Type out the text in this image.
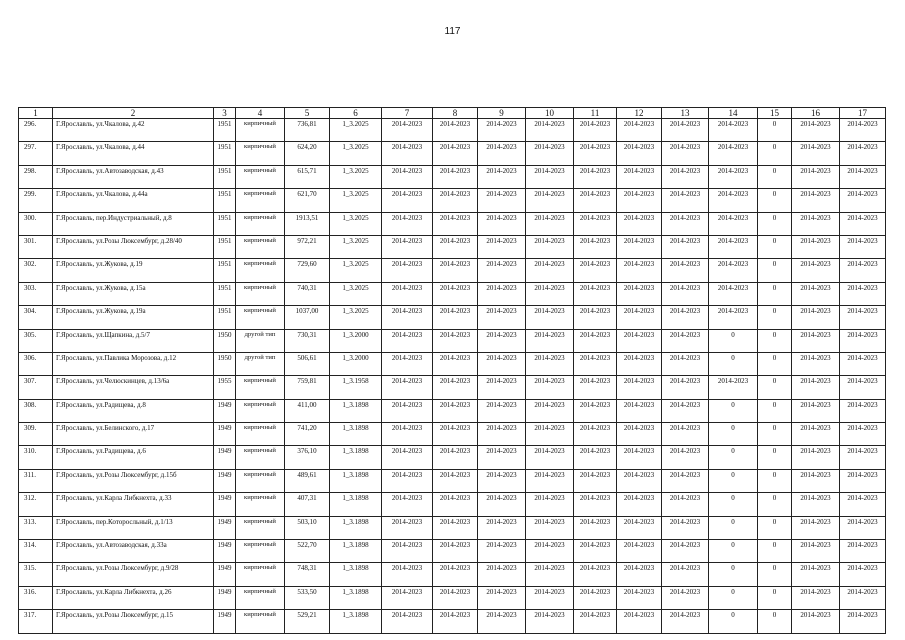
117
1	2	3	4	5	6	7	8	9	10	11	12	13	14	15	16	17
296.	Г.Ярославль, ул.Чкалова, д.42	1951	кирпичный	736,81	1_3.2025	2014-2023	2014-2023	2014-2023	2014-2023	2014-2023	2014-2023	2014-2023	2014-2023	0	2014-2023	2014-2023
297.	Г.Ярославль, ул.Чкалова, д.44	1951	кирпичный	624,20	1_3.2025	2014-2023	2014-2023	2014-2023	2014-2023	2014-2023	2014-2023	2014-2023	2014-2023	0	2014-2023	2014-2023
298.	Г.Ярославль, ул.Автозаводская, д.43	1951	кирпичный	615,71	1_3.2025	2014-2023	2014-2023	2014-2023	2014-2023	2014-2023	2014-2023	2014-2023	2014-2023	0	2014-2023	2014-2023
299.	Г.Ярославль, ул.Чкалова, д.44а	1951	кирпичный	621,70	1_3.2025	2014-2023	2014-2023	2014-2023	2014-2023	2014-2023	2014-2023	2014-2023	2014-2023	0	2014-2023	2014-2023
300.	Г.Ярославль, пер.Индустриальный, д.8	1951	кирпичный	1913,51	1_3.2025	2014-2023	2014-2023	2014-2023	2014-2023	2014-2023	2014-2023	2014-2023	2014-2023	0	2014-2023	2014-2023
301.	Г.Ярославль, ул.Розы Люксембург, д.28/40	1951	кирпичный	972,21	1_3.2025	2014-2023	2014-2023	2014-2023	2014-2023	2014-2023	2014-2023	2014-2023	2014-2023	0	2014-2023	2014-2023
302.	Г.Ярославль, ул.Жукова, д.19	1951	кирпичный	729,60	1_3.2025	2014-2023	2014-2023	2014-2023	2014-2023	2014-2023	2014-2023	2014-2023	2014-2023	0	2014-2023	2014-2023
303.	Г.Ярославль, ул.Жукова, д.15а	1951	кирпичный	740,31	1_3.2025	2014-2023	2014-2023	2014-2023	2014-2023	2014-2023	2014-2023	2014-2023	2014-2023	0	2014-2023	2014-2023
304.	Г.Ярославль, ул.Жукова, д.19а	1951	кирпичный	1037,00	1_3.2025	2014-2023	2014-2023	2014-2023	2014-2023	2014-2023	2014-2023	2014-2023	2014-2023	0	2014-2023	2014-2023
305.	Г.Ярославль, ул.Щапкина, д.5/7	1950	другой тип	730,31	1_3.2000	2014-2023	2014-2023	2014-2023	2014-2023	2014-2023	2014-2023	2014-2023	0	0	2014-2023	2014-2023
306.	Г.Ярославль, ул.Павлика Морозова, д.12	1950	другой тип	506,61	1_3.2000	2014-2023	2014-2023	2014-2023	2014-2023	2014-2023	2014-2023	2014-2023	0	0	2014-2023	2014-2023
307.	Г.Ярославль, ул.Челюскинцев, д.13/6а	1955	кирпичный	759,81	1_3.1958	2014-2023	2014-2023	2014-2023	2014-2023	2014-2023	2014-2023	2014-2023	2014-2023	0	2014-2023	2014-2023
308.	Г.Ярославль, ул.Радищева, д.8	1949	кирпичный	411,00	1_3.1898	2014-2023	2014-2023	2014-2023	2014-2023	2014-2023	2014-2023	2014-2023	0	0	2014-2023	2014-2023
309.	Г.Ярославль, ул.Белинского, д.17	1949	кирпичный	741,20	1_3.1898	2014-2023	2014-2023	2014-2023	2014-2023	2014-2023	2014-2023	2014-2023	0	0	2014-2023	2014-2023
310.	Г.Ярославль, ул.Радищева, д.6	1949	кирпичный	376,10	1_3.1898	2014-2023	2014-2023	2014-2023	2014-2023	2014-2023	2014-2023	2014-2023	0	0	2014-2023	2014-2023
311.	Г.Ярославль, ул.Розы Люксембург, д.15б	1949	кирпичный	489,61	1_3.1898	2014-2023	2014-2023	2014-2023	2014-2023	2014-2023	2014-2023	2014-2023	0	0	2014-2023	2014-2023
312.	Г.Ярославль, ул.Карла Либкнехта, д.33	1949	кирпичный	407,31	1_3.1898	2014-2023	2014-2023	2014-2023	2014-2023	2014-2023	2014-2023	2014-2023	0	0	2014-2023	2014-2023
313.	Г.Ярославль, пер.Которосльный, д.1/13	1949	кирпичный	503,10	1_3.1898	2014-2023	2014-2023	2014-2023	2014-2023	2014-2023	2014-2023	2014-2023	0	0	2014-2023	2014-2023
314.	Г.Ярославль, ул.Автозаводская, д.33а	1949	кирпичный	522,70	1_3.1898	2014-2023	2014-2023	2014-2023	2014-2023	2014-2023	2014-2023	2014-2023	0	0	2014-2023	2014-2023
315.	Г.Ярославль, ул.Розы Люксембург, д.9/28	1949	кирпичный	748,31	1_3.1898	2014-2023	2014-2023	2014-2023	2014-2023	2014-2023	2014-2023	2014-2023	0	0	2014-2023	2014-2023
316.	Г.Ярославль, ул.Карла Либкнехта, д.26	1949	кирпичный	533,50	1_3.1898	2014-2023	2014-2023	2014-2023	2014-2023	2014-2023	2014-2023	2014-2023	0	0	2014-2023	2014-2023
317.	Г.Ярославль, ул.Розы Люксембург, д.15	1949	кирпичный	529,21	1_3.1898	2014-2023	2014-2023	2014-2023	2014-2023	2014-2023	2014-2023	2014-2023	0	0	2014-2023	2014-2023
